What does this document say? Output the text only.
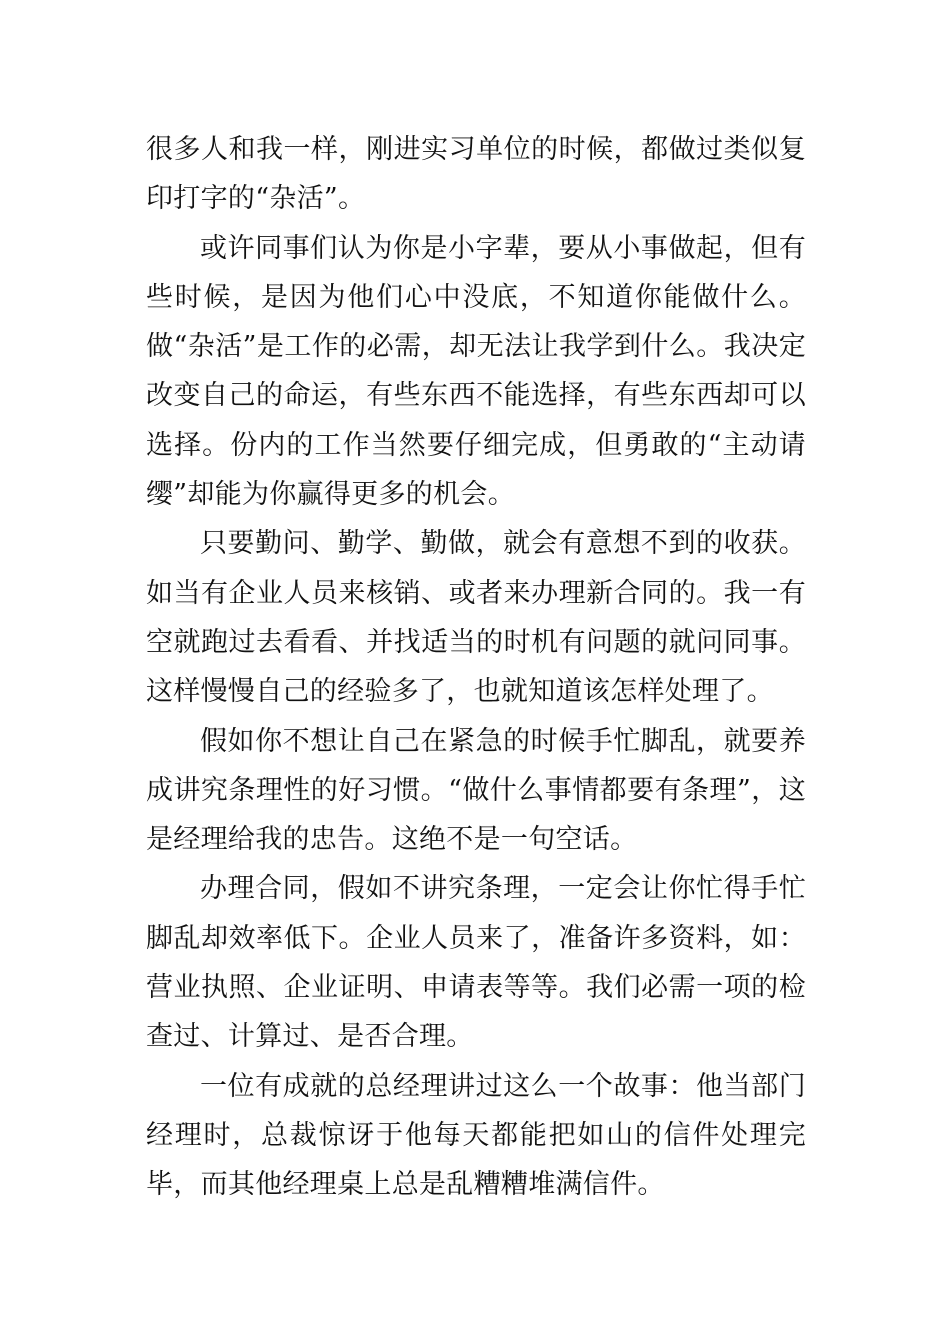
很多人和我一样，刚进实习单位的时候，都做过类似复印打字的“杂活”。

或许同事们认为你是小字辈，要从小事做起，但有些时候，是因为他们心中没底，不知道你能做什么。做“杂活”是工作的必需，却无法让我学到什么。我决定改变自己的命运，有些东西不能选择，有些东西却可以选择。份内的工作当然要仔细完成，但勇敢的“主动请缨”却能为你赢得更多的机会。

只要勤问、勤学、勤做，就会有意想不到的收获。如当有企业人员来核销、或者来办理新合同的。我一有空就跑过去看看、并找适当的时机有问题的就问同事。这样慢慢自己的经验多了，也就知道该怎样处理了。

假如你不想让自己在紧急的时候手忙脚乱，就要养成讲究条理性的好习惯。“做什么事情都要有条理”，这是经理给我的忠告。这绝不是一句空话。

办理合同，假如不讲究条理，一定会让你忙得手忙脚乱却效率低下。企业人员来了，准备许多资料，如：营业执照、企业证明、申请表等等。我们必需一项的检查过、计算过、是否合理。

一位有成就的总经理讲过这么一个故事：他当部门经理时，总裁惊讶于他每天都能把如山的信件处理完毕，而其他经理桌上总是乱糟糟堆满信件。
